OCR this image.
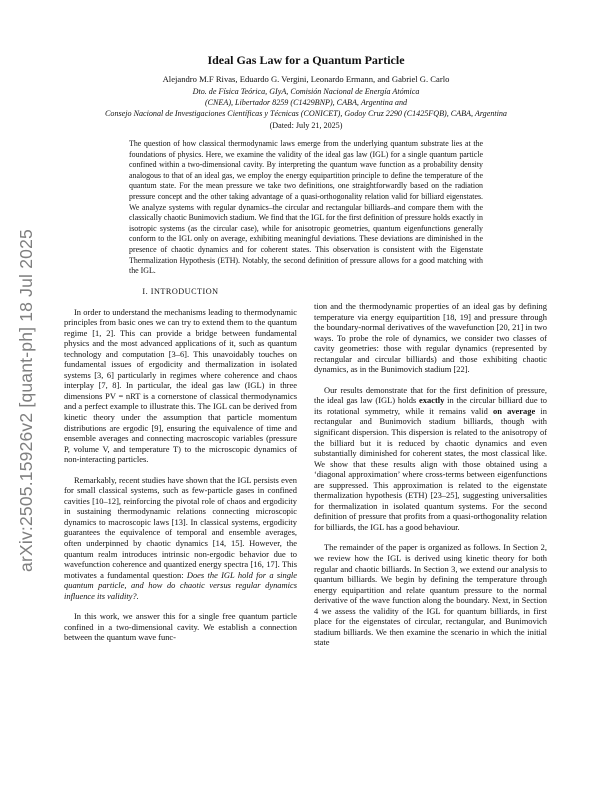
arXiv:2505.15926v2 [quant-ph] 18 Jul 2025
Ideal Gas Law for a Quantum Particle
Alejandro M.F Rivas, Eduardo G. Vergini, Leonardo Ermann, and Gabriel G. Carlo
Dto. de Física Teórica, GIyA, Comisión Nacional de Energía Atómica
(CNEA), Libertador 8259 (C1429BNP), CABA, Argentina and
Consejo Nacional de Investigaciones Científicas y Técnicas (CONICET), Godoy Cruz 2290 (C1425FQB), CABA, Argentina
(Dated: July 21, 2025)
The question of how classical thermodynamic laws emerge from the underlying quantum substrate lies at the foundations of physics. Here, we examine the validity of the ideal gas law (IGL) for a single quantum particle confined within a two-dimensional cavity. By interpreting the quantum wave function as a probability density analogous to that of an ideal gas, we employ the energy equipartition principle to define the temperature of the quantum state. For the mean pressure we take two definitions, one straightforwardly based on the radiation pressure concept and the other taking advantage of a quasi-orthogonality relation valid for billiard eigenstates. We analyze systems with regular dynamics–the circular and rectangular billiards–and compare them with the classically chaotic Bunimovich stadium. We find that the IGL for the first definition of pressure holds exactly in isotropic systems (as the circular case), while for anisotropic geometries, quantum eigenfunctions generally conform to the IGL only on average, exhibiting meaningful deviations. These deviations are diminished in the presence of chaotic dynamics and for coherent states. This observation is consistent with the Eigenstate Thermalization Hypothesis (ETH). Notably, the second definition of pressure allows for a good matching with the IGL.
I. INTRODUCTION

In order to understand the mechanisms leading to thermodynamic principles from basic ones we can try to extend them to the quantum regime [1, 2]. This can provide a bridge between fundamental physics and the most advanced applications of it, such as quantum technology and computation [3–6]. This unavoidably touches on fundamental issues of ergodicity and thermalization in isolated systems [3, 6] particularly in regimes where coherence and chaos interplay [7, 8]. In particular, the ideal gas law (IGL) in three dimensions PV = nRT is a cornerstone of classical thermodynamics and a perfect example to illustrate this. The IGL can be derived from kinetic theory under the assumption that particle momentum distributions are ergodic [9], ensuring the equivalence of time and ensemble averages and connecting macroscopic variables (pressure P, volume V, and temperature T) to the microscopic dynamics of non-interacting particles.

Remarkably, recent studies have shown that the IGL persists even for small classical systems, such as few-particle gases in confined cavities [10–12], reinforcing the pivotal role of chaos and ergodicity in sustaining thermodynamic relations connecting microscopic dynamics to macroscopic laws [13]. In classical systems, ergodicity guarantees the equivalence of temporal and ensemble averages, often underpinned by chaotic dynamics [14, 15]. However, the quantum realm introduces intrinsic non-ergodic behavior due to wavefunction coherence and quantized energy spectra [16, 17]. This motivates a fundamental question: Does the IGL hold for a single quantum particle, and how do chaotic versus regular dynamics influence its validity?.

In this work, we answer this for a single free quantum particle confined in a two-dimensional cavity. We establish a connection between the quantum wave func-

tion and the thermodynamic properties of an ideal gas by defining temperature via energy equipartition [18, 19] and pressure through the boundary-normal derivatives of the wavefunction [20, 21] in two ways. To probe the role of dynamics, we consider two classes of cavity geometries: those with regular dynamics (represented by rectangular and circular billiards) and those exhibiting chaotic dynamics, as in the Bunimovich stadium [22].

Our results demonstrate that for the first definition of pressure, the ideal gas law (IGL) holds exactly in the circular billiard due to its rotational symmetry, while it remains valid on average in rectangular and Bunimovich stadium billiards, though with significant dispersion. This dispersion is related to the anisotropy of the billiard but it is reduced by chaotic dynamics and even substantially diminished for coherent states, the most classical like. We show that these results align with those obtained using a ‘diagonal approximation’ where cross-terms between eigenfunctions are suppressed. This approximation is related to the eigenstate thermalization hypothesis (ETH) [23–25], suggesting universalities for thermalization in isolated quantum systems. For the second definition of pressure that profits from a quasi-orthogonality relation for billiards, the IGL has a good behaviour.

The remainder of the paper is organized as follows. In Section 2, we review how the IGL is derived using kinetic theory for both regular and chaotic billiards. In Section 3, we extend our analysis to quantum billiards. We begin by defining the temperature through energy equipartition and relate quantum pressure to the normal derivative of the wave function along the boundary. Next, in Section 4 we assess the validity of the IGL for quantum billiards, in first place for the eigenstates of circular, rectangular, and Bunimovich stadium billiards. We then examine the scenario in which the initial state
